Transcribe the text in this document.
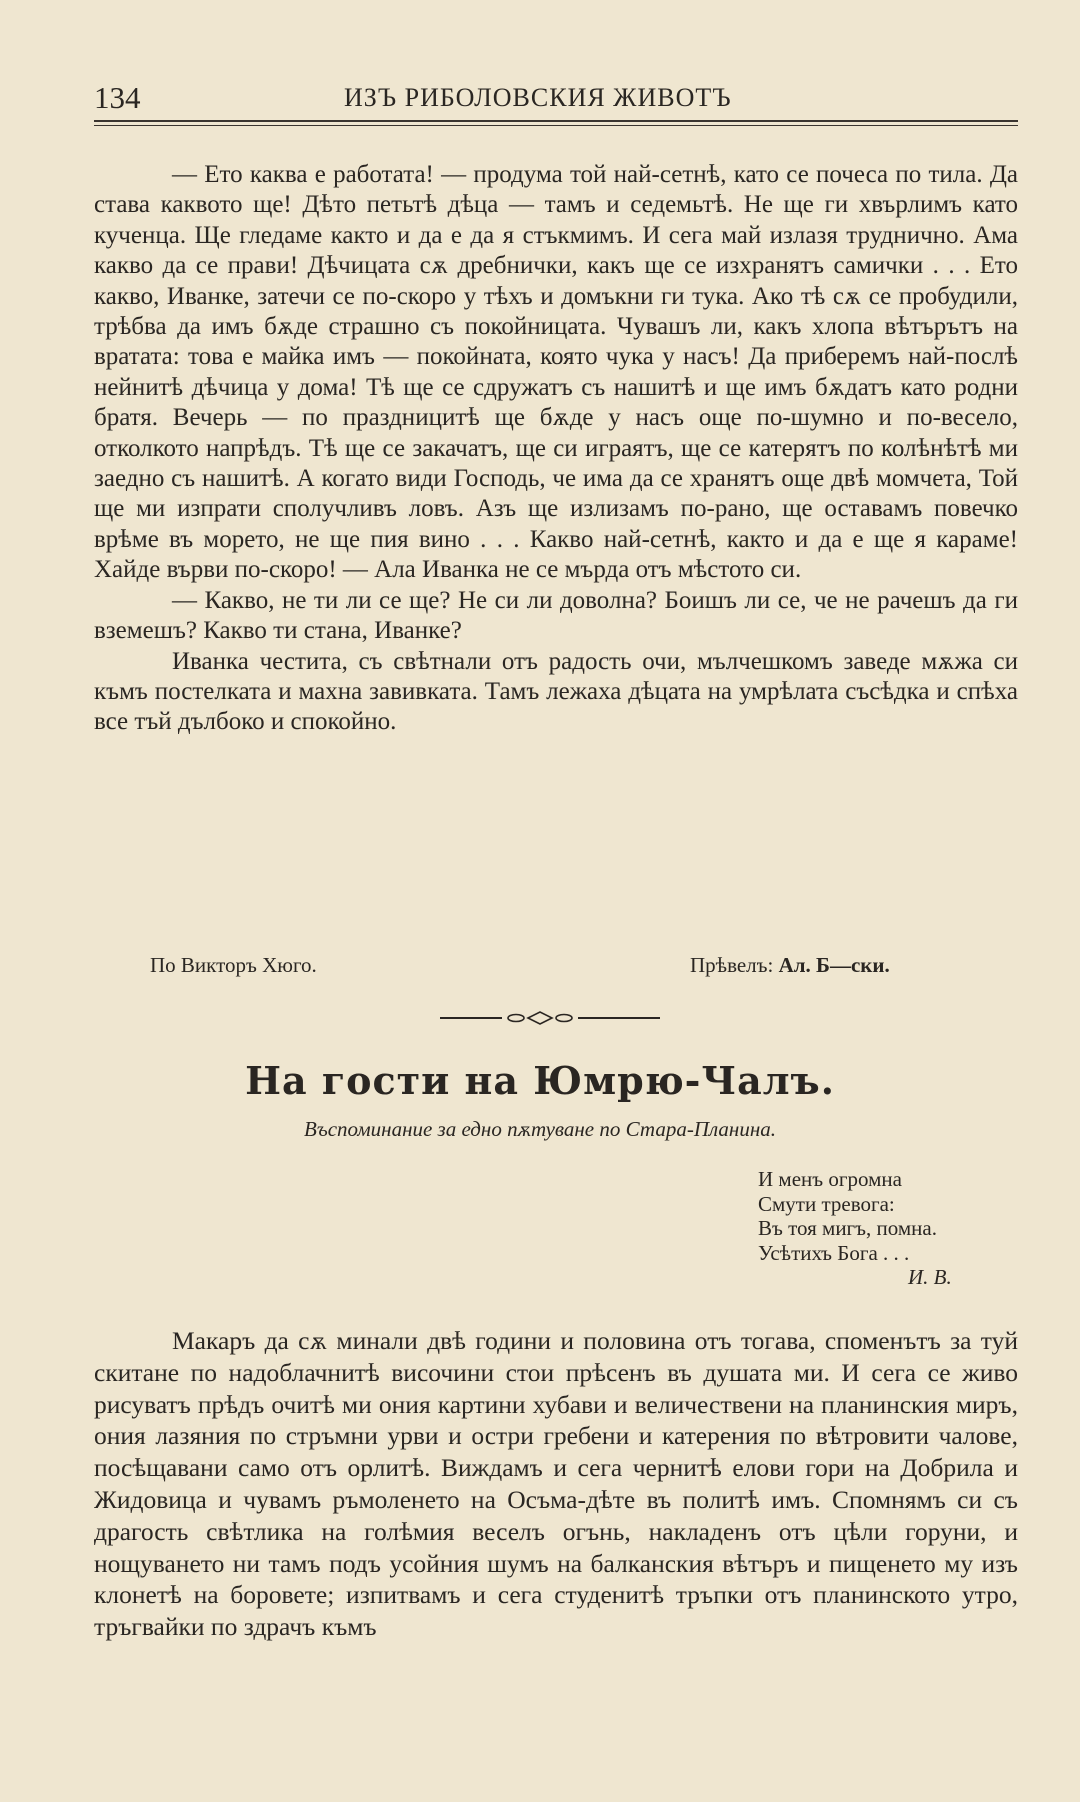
134	ИЗЪ РИБОЛОВСКИЯ ЖИВОТЪ

— Ето каква е работата! — продума той най-сетнѣ, като се почеса по тила. Да става каквото ще! Дѣто петьтѣ дѣца — тамъ и седемьтѣ. Не ще ги хвърлимъ като кученца. Ще гледаме както и да е да я стъкмимъ. И сега май излазя труднично. Ама какво да се прави! Дѣчицата сѫ дребнички, какъ ще се изхранятъ самички . . . Ето какво, Иванке, затечи се по-скоро у тѣхъ и домъкни ги тука. Ако тѣ сѫ се пробудили, трѣбва да имъ бѫде страшно съ покойницата. Чувашъ ли, какъ хлопа вѣтърътъ на вратата: това е майка имъ — покойната, която чука у насъ! Да приберемъ най-послѣ нейнитѣ дѣчица у дома! Тѣ ще се сдружатъ съ нашитѣ и ще имъ бѫдатъ като родни братя. Вечерь — по праздницитѣ ще бѫде у насъ още по-шумно и по-весело, отколкото напрѣдъ. Тѣ ще се закачатъ, ще си играятъ, ще се катерятъ по колѣнѣтѣ ми заедно съ нашитѣ. А когато види Господь, че има да се хранятъ още двѣ момчета, Той ще ми изпрати сполучливъ ловъ. Азъ ще излизамъ по-рано, ще оставамъ повечко врѣме въ морето, не ще пия вино . . . Какво най-сетнѣ, както и да е ще я караме! Хайде върви по-скоро! — Ала Иванка не се мърда отъ мѣстото си.

— Какво, не ти ли се ще? Не си ли доволна? Боишъ ли се, че не рачешъ да ги вземешъ? Какво ти стана, Иванке?

Иванка честита, съ свѣтнали отъ радость очи, мълчешкомъ заведе мѫжа си къмъ постелката и махна завивката. Тамъ лежаха дѣцата на умрѣлата съсѣдка и спѣха все тъй дълбоко и спокойно.

По Викторъ Хюго.	Прѣвелъ: Ал. Б—ски.
На гости на Юмрю-Чалъ.
Въспоминание за едно пѫтуване по Стара-Планина.
И менъ огромна
Смути тревога:
Въ тоя мигъ, помна.
Усѣтихъ Бога . . .
И. В.

Макаръ да сѫ минали двѣ години и половина отъ тогава, споменътъ за туй скитане по надоблачнитѣ височини стои прѣсенъ въ душата ми. И сега се живо рисуватъ прѣдъ очитѣ ми ония картини хубави и величествени на планинския миръ, ония лазяния по стръмни урви и остри гребени и катерения по вѣтровити чалове, посѣщавани само отъ орлитѣ. Виждамъ и сега чернитѣ елови гори на Добрила и Жидовица и чувамъ ръмоленето на Осъма-дѣте въ политѣ имъ. Спомнямъ си съ драгость свѣтлика на голѣмия веселъ огънь, накладенъ отъ цѣли горуни, и нощуването ни тамъ подъ усойния шумъ на балканския вѣтъръ и пищенето му изъ клонетѣ на боровете; изпитвамъ и сега студенитѣ тръпки отъ планинското утро, тръгвайки по здрачъ къмъ
